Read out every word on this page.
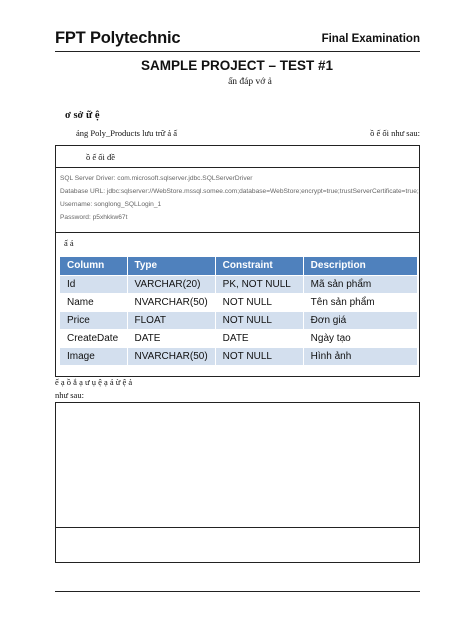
FPT Polytechnic	Final Examination
SAMPLE PROJECT – TEST #1
ấn đáp vớ ả
ơ sở ữ ệ
ảng Poly_Products lưu trữ ả ấ	ồ ế ối như sau:
ồ ế ối đề
SQL Server Driver: com.microsoft.sqlserver.jdbc.SQLServerDriver
Database URL: jdbc:sqlserver://WebStore.mssql.somee.com;database=WebStore;encrypt=true;trustServerCertificate=true;
Username: songlong_SQLLogin_1
Password: p5xhkkw67t
ấ ả
Column	Type	Constraint	Description
Id	VARCHAR(20)	PK, NOT NULL	Mã sản phẩm
Name	NVARCHAR(50)	NOT NULL	Tên sản phẩm
Price	FLOAT	NOT NULL	Đơn giá
CreateDate	DATE	DATE	Ngày tạo
Image	NVARCHAR(50)	NOT NULL	Hình ảnh
ế ạ ồ ắ ạ ư ụ ệ ạ ả ừ ệ ả
như sau:
